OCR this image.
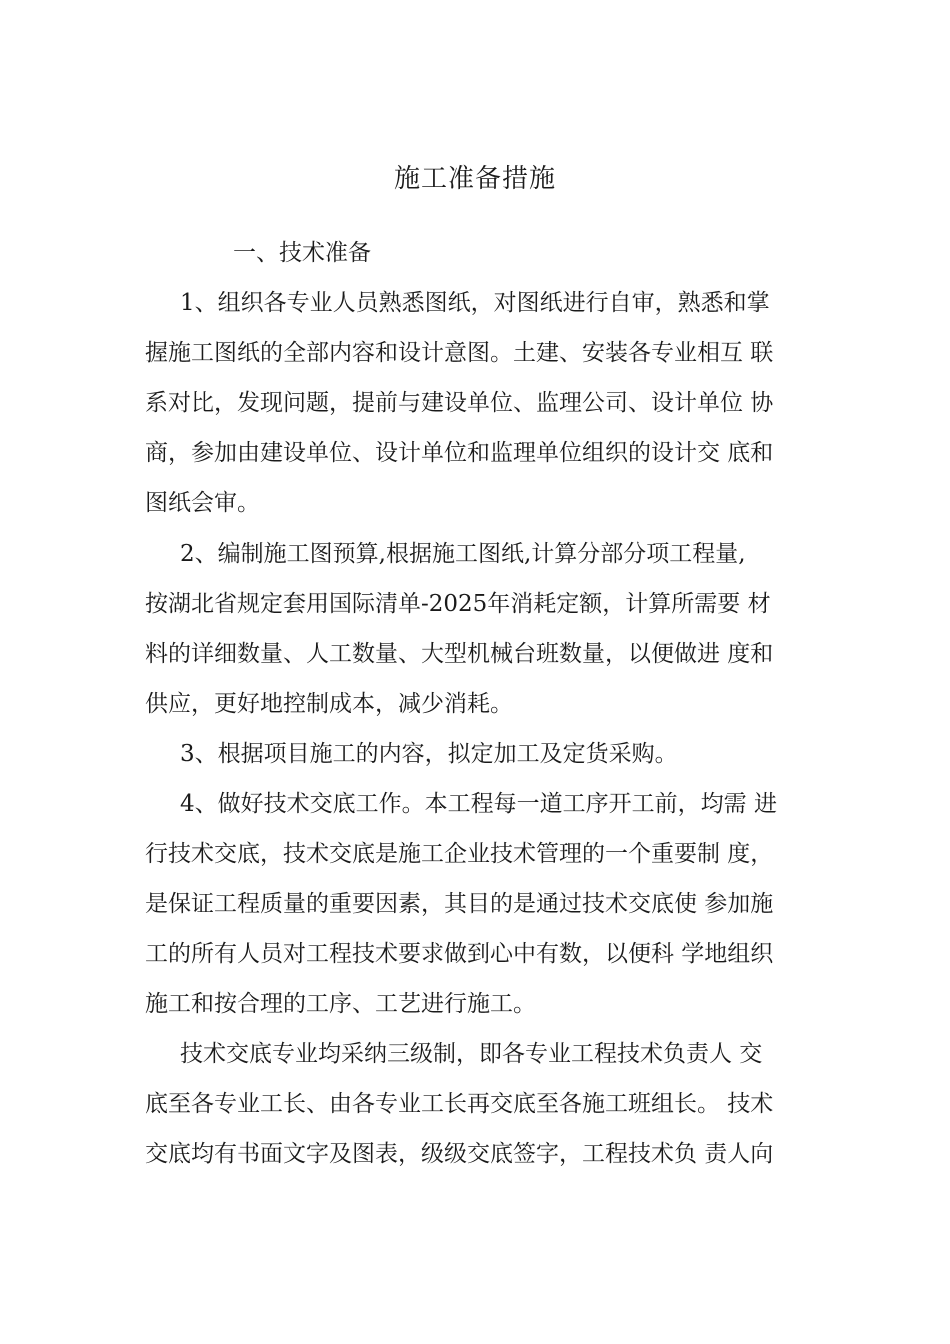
施工准备措施
一、技术准备
1、组织各专业人员熟悉图纸，对图纸进行自审，熟悉和掌
握施工图纸的全部内容和设计意图。土建、安装各专业相互 联
系对比，发现问题，提前与建设单位、监理公司、设计单位 协
商，参加由建设单位、设计单位和监理单位组织的设计交 底和
图纸会审。
2、编制施工图预算,根据施工图纸,计算分部分项工程量,
按湖北省规定套用国际清单-2025年消耗定额，计算所需要 材
料的详细数量、人工数量、大型机械台班数量，以便做进 度和
供应，更好地控制成本，减少消耗。
3、根据项目施工的内容，拟定加工及定货采购。
4、做好技术交底工作。本工程每一道工序开工前，均需 进
行技术交底，技术交底是施工企业技术管理的一个重要制 度，
是保证工程质量的重要因素，其目的是通过技术交底使 参加施
工的所有人员对工程技术要求做到心中有数，以便科 学地组织
施工和按合理的工序、工艺进行施工。
技术交底专业均采纳三级制，即各专业工程技术负责人 交
底至各专业工长、由各专业工长再交底至各施工班组长。 技术
交底均有书面文字及图表，级级交底签字，工程技术负 责人向
